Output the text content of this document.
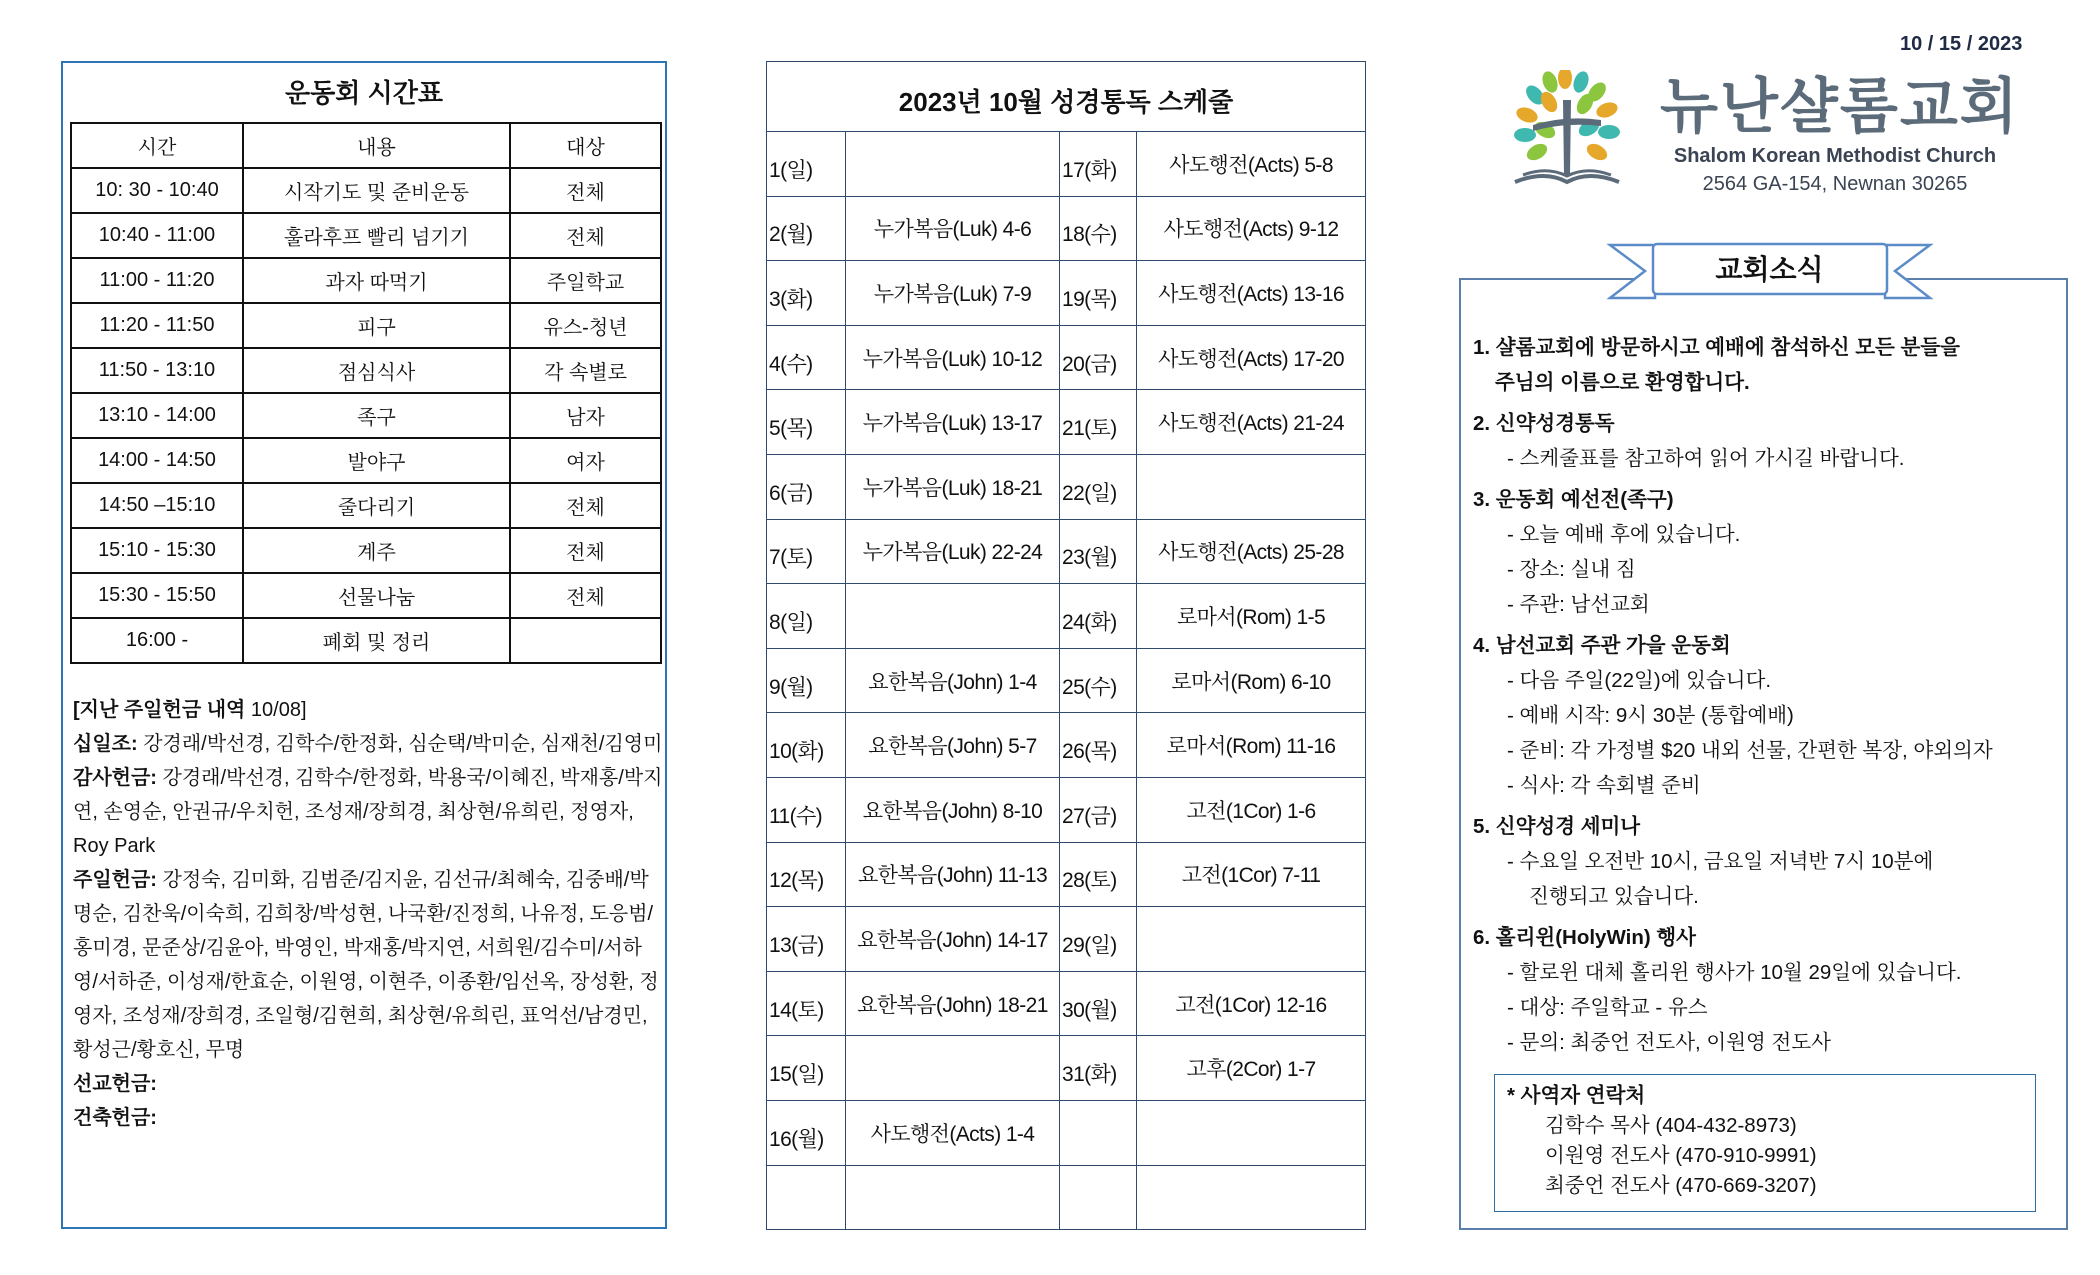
운동회 시간표
시간	내용	대상
10: 30 - 10:40	시작기도 및 준비운동	전체
10:40 - 11:00	훌라후프 빨리 넘기기	전체
11:00 - 11:20	과자 따먹기	주일학교
11:20 - 11:50	피구	유스-청년
11:50 - 13:10	점심식사	각 속별로
13:10 - 14:00	족구	남자
14:00 - 14:50	발야구	여자
14:50 –15:10	줄다리기	전체
15:10 - 15:30	계주	전체
15:30 - 15:50	선물나눔	전체
16:00 -	폐회 및 정리	
[지난 주일헌금 내역 10/08]
십일조: 강경래/박선경, 김학수/한정화, 심순택/박미순, 심재천/김영미
감사헌금: 강경래/박선경, 김학수/한정화, 박용국/이혜진, 박재홍/박지연, 손영순, 안권규/우치헌, 조성재/장희경, 최상현/유희린, 정영자, Roy Park
주일헌금: 강정숙, 김미화, 김범준/김지윤, 김선규/최혜숙, 김중배/박명순, 김찬욱/이숙희, 김희창/박성현, 나국환/진정희, 나유정, 도응범/홍미경, 문준상/김윤아, 박영인, 박재홍/박지연, 서희원/김수미/서하영/서하준, 이성재/한효순, 이원영, 이현주, 이종환/임선옥, 장성환, 정영자, 조성재/장희경, 조일형/김현희, 최상현/유희린, 표억선/남경민, 황성근/황호신, 무명
선교헌금:
건축헌금:
2023년 10월 성경통독 스케줄			
1(일)		17(화)	사도행전(Acts) 5-8
2(월)	누가복음(Luk) 4-6	18(수)	사도행전(Acts) 9-12
3(화)	누가복음(Luk) 7-9	19(목)	사도행전(Acts) 13-16
4(수)	누가복음(Luk) 10-12	20(금)	사도행전(Acts) 17-20
5(목)	누가복음(Luk) 13-17	21(토)	사도행전(Acts) 21-24
6(금)	누가복음(Luk) 18-21	22(일)	
7(토)	누가복음(Luk) 22-24	23(월)	사도행전(Acts) 25-28
8(일)		24(화)	로마서(Rom) 1-5
9(월)	요한복음(John) 1-4	25(수)	로마서(Rom) 6-10
10(화)	요한복음(John) 5-7	26(목)	로마서(Rom) 11-16
11(수)	요한복음(John) 8-10	27(금)	고전(1Cor) 1-6
12(목)	요한복음(John) 11-13	28(토)	고전(1Cor) 7-11
13(금)	요한복음(John) 14-17	29(일)	
14(토)	요한복음(John) 18-21	30(월)	고전(1Cor) 12-16
15(일)		31(화)	고후(2Cor) 1-7
16(월)	사도행전(Acts) 1-4		

10 / 15 / 2023
뉴난샬롬교회
Shalom Korean Methodist Church
2564 GA-154, Newnan 30265
1. 샬롬교회에 방문하시고 예배에 참석하신 모든 분들을
주님의 이름으로 환영합니다.
2. 신약성경통독
- 스케줄표를 참고하여 읽어 가시길 바랍니다.
3. 운동회 예선전(족구)
- 오늘 예배 후에 있습니다.
- 장소: 실내 짐
- 주관: 남선교회
4. 남선교회 주관 가을 운동회
- 다음 주일(22일)에 있습니다.
- 예배 시작: 9시 30분 (통합예배)
- 준비: 각 가정별 $20 내외 선물, 간편한 복장, 야외의자
- 식사: 각 속회별 준비
5. 신약성경 세미나
- 수요일 오전반 10시, 금요일 저녁반 7시 10분에
진행되고 있습니다.
6. 홀리윈(HolyWin) 행사
- 할로윈 대체 홀리윈 행사가 10월 29일에 있습니다.
- 대상: 주일학교 - 유스
- 문의: 최중언 전도사, 이원영 전도사
* 사역자 연락처
김학수 목사 (404-432-8973)
이원영 전도사 (470-910-9991)
최중언 전도사 (470-669-3207)
교회소식
